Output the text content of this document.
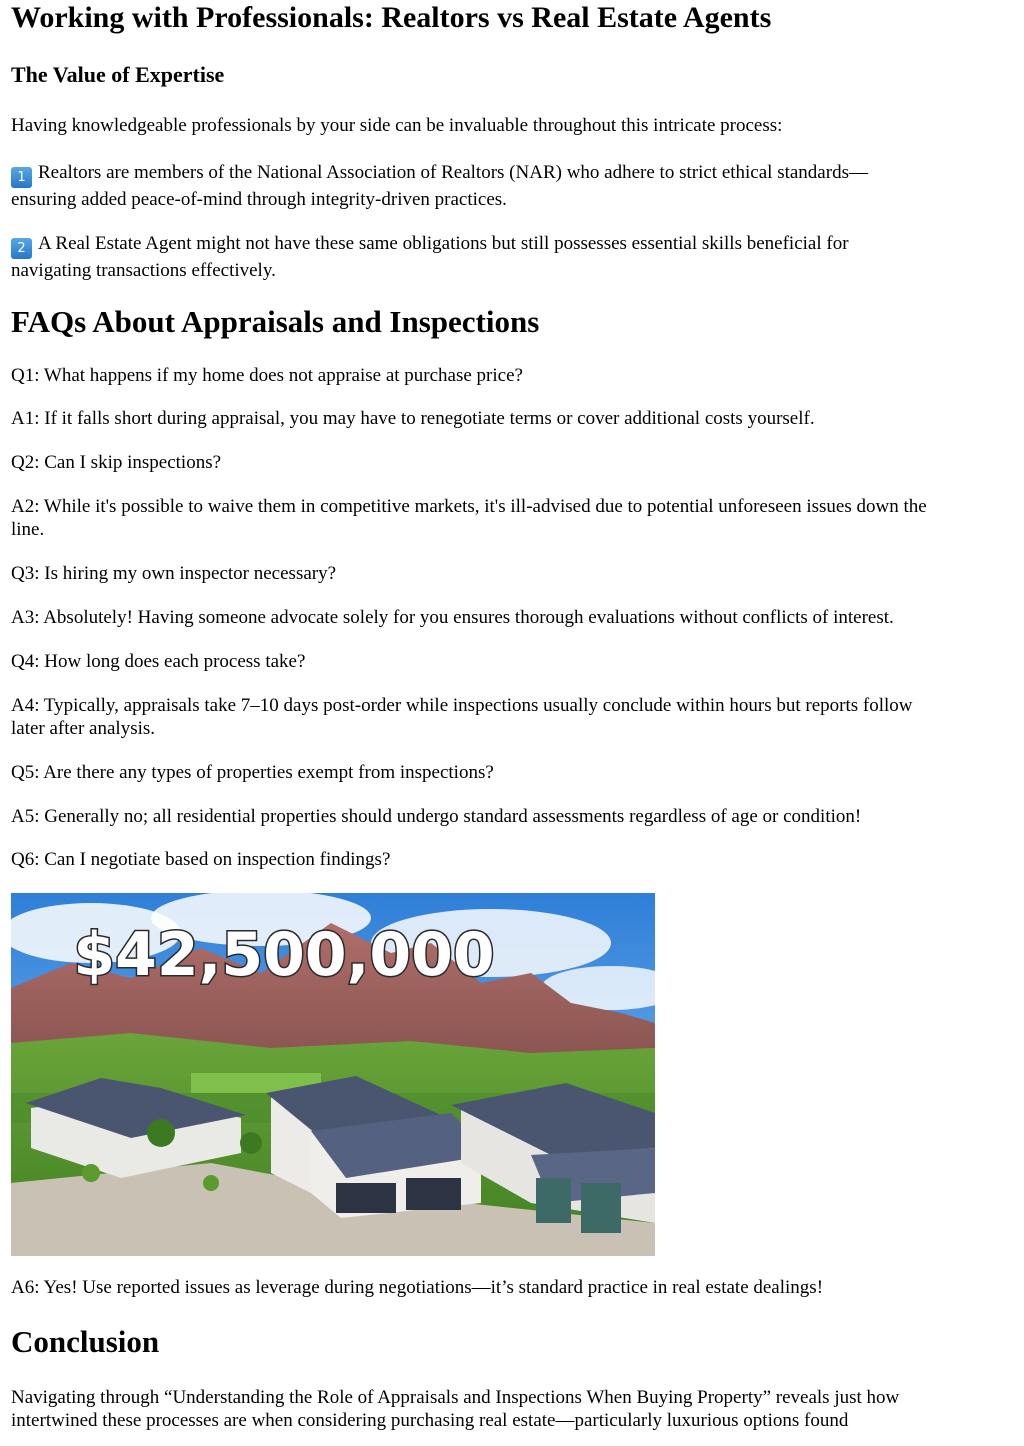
Working with Professionals: Realtors vs Real Estate Agents
The Value of Expertise

Having knowledgeable professionals by your side can be invaluable throughout this intricate process:

1 Realtors are members of the National Association of Realtors (NAR) who adhere to strict ethical standards—
ensuring added peace-of-mind through integrity-driven practices.
2 A Real Estate Agent might not have these same obligations but still possesses essential skills beneficial for
navigating transactions effectively.
FAQs About Appraisals and Inspections

Q1: What happens if my home does not appraise at purchase price?

A1: If it falls short during appraisal, you may have to renegotiate terms or cover additional costs yourself.

Q2: Can I skip inspections?

A2: While it's possible to waive them in competitive markets, it's ill-advised due to potential unforeseen issues down the
line.

Q3: Is hiring my own inspector necessary?

A3: Absolutely! Having someone advocate solely for you ensures thorough evaluations without conflicts of interest.

Q4: How long does each process take?

A4: Typically, appraisals take 7–10 days post-order while inspections usually conclude within hours but reports follow
later after analysis.

Q5: Are there any types of properties exempt from inspections?

A5: Generally no; all residential properties should undergo standard assessments regardless of age or condition!

Q6: Can I negotiate based on inspection findings?

$42,500,000

A6: Yes! Use reported issues as leverage during negotiations—it’s standard practice in real estate dealings!

Conclusion
Navigating through “Understanding the Role of Appraisals and Inspections When Buying Property” reveals just how
intertwined these processes are when considering purchasing real estate—particularly luxurious options found
